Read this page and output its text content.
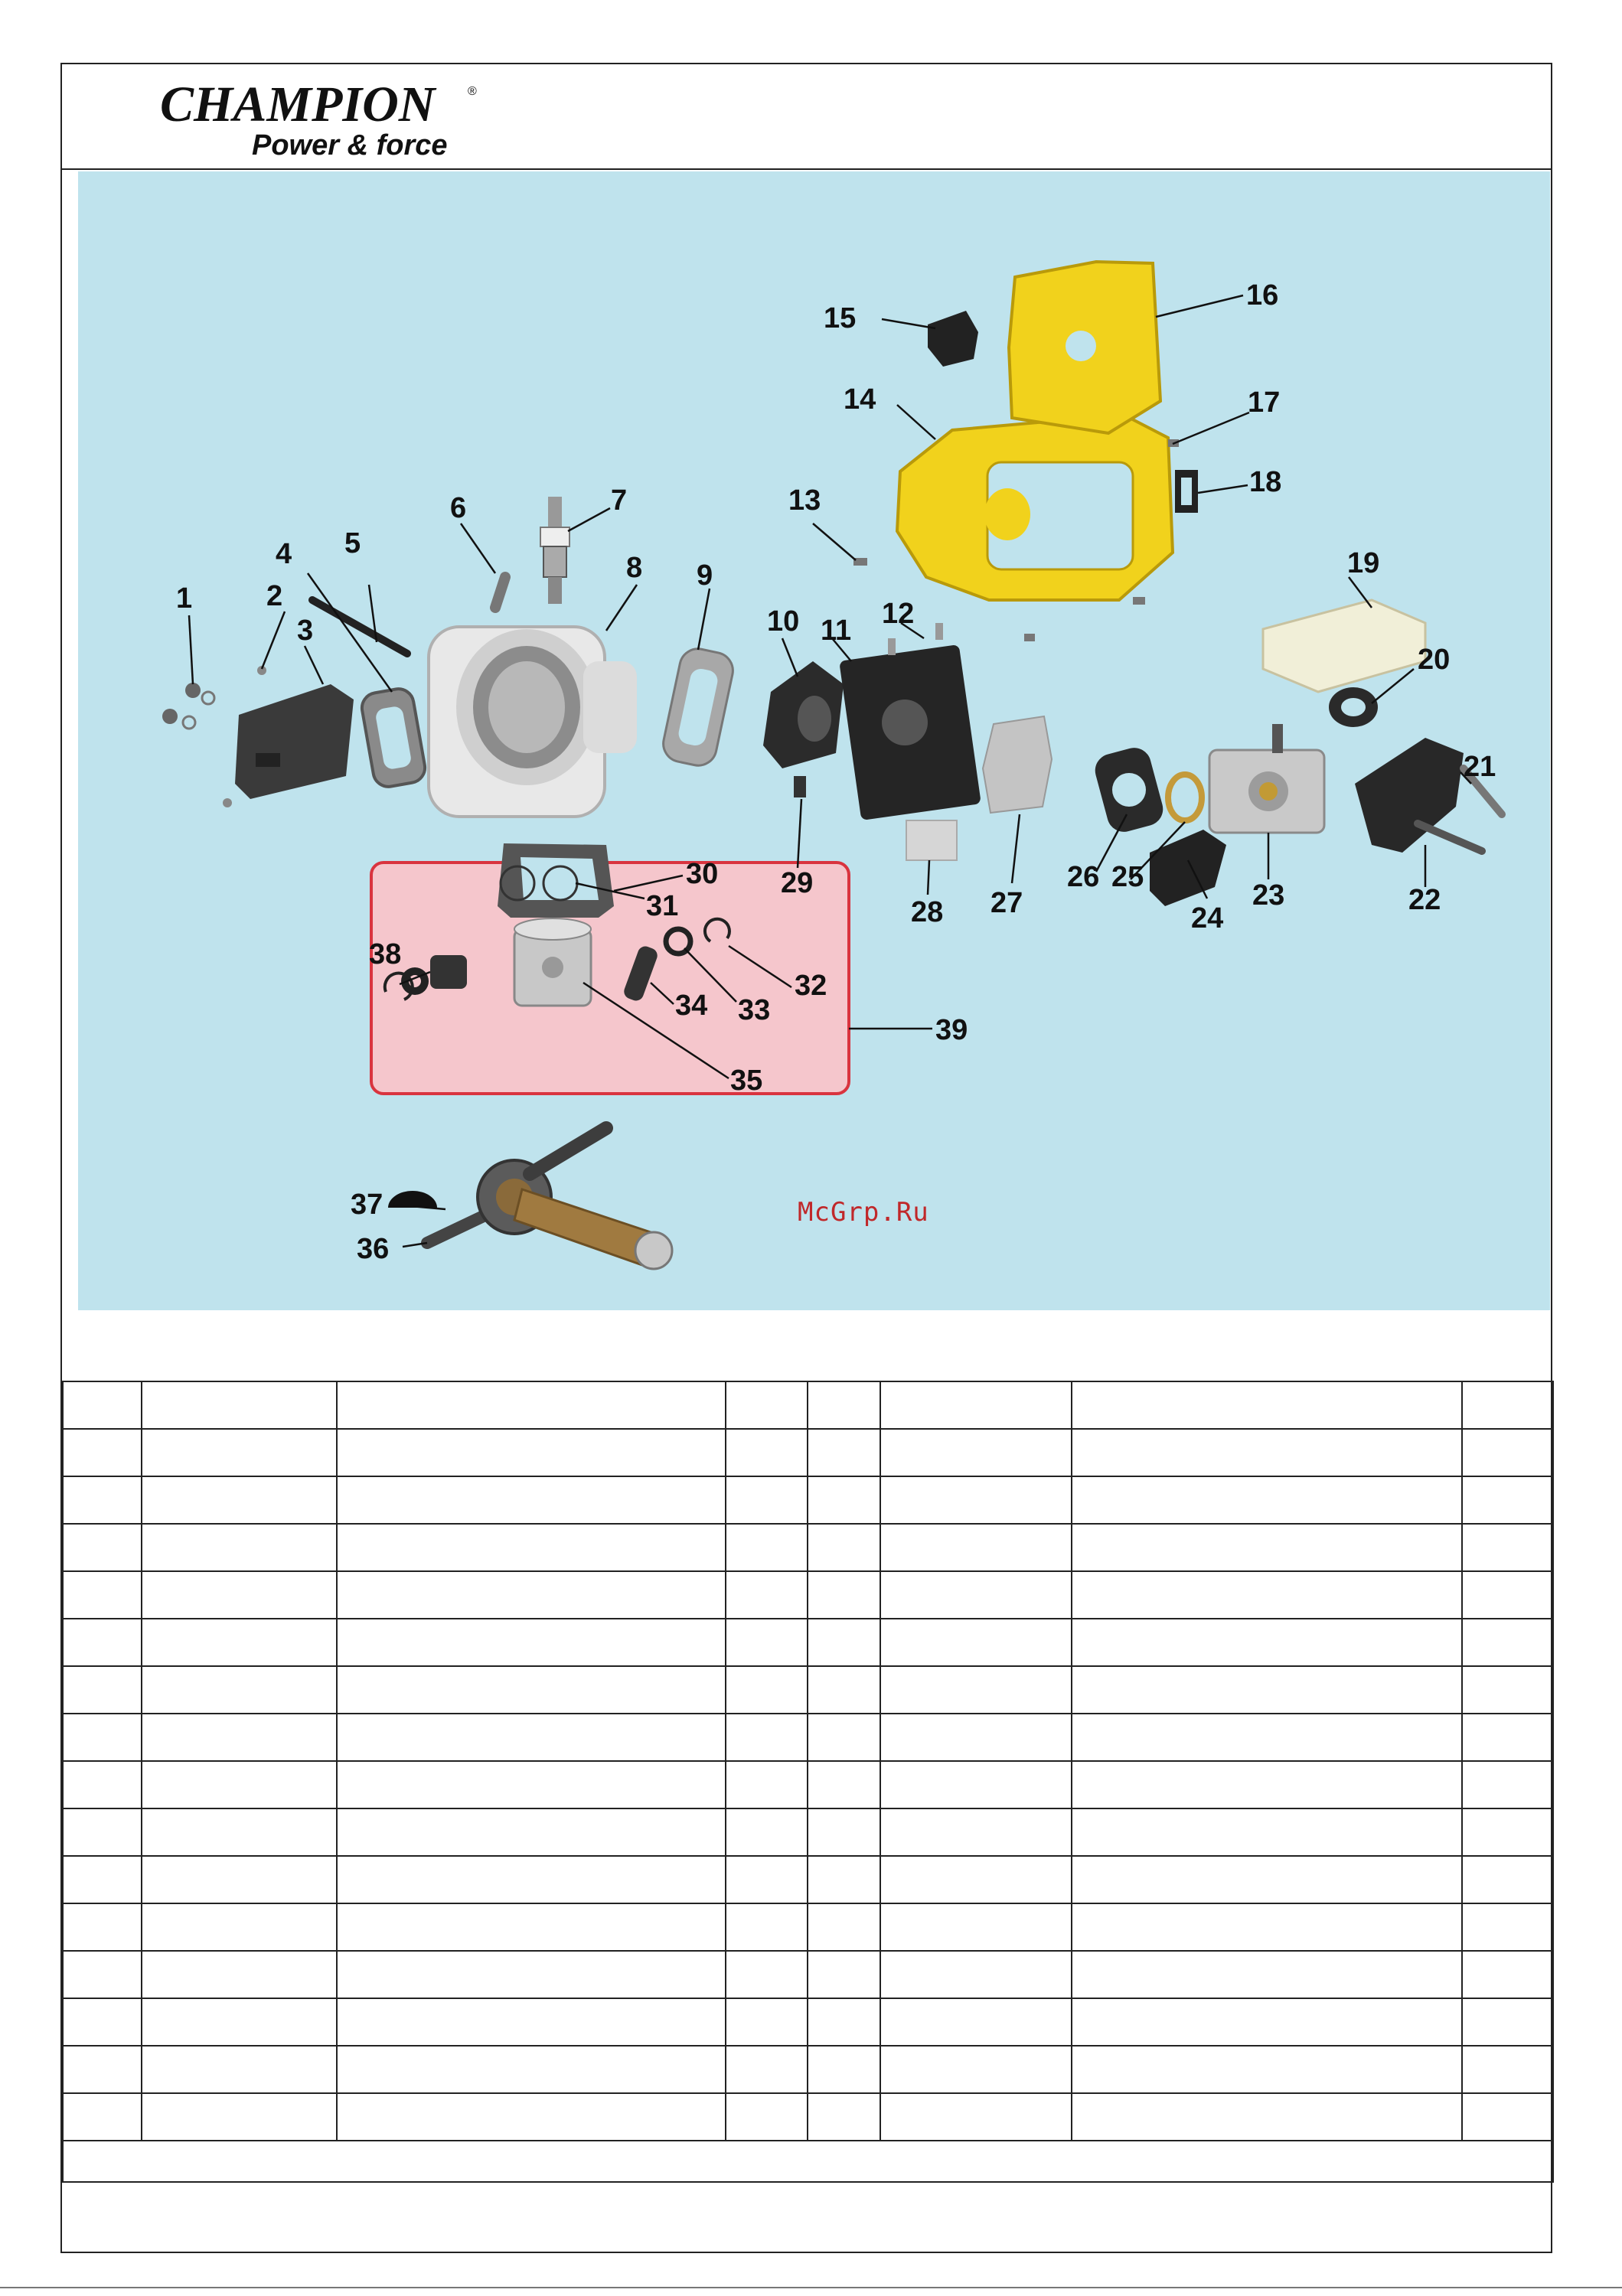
CHAMPION	®
Power & force
1	2
3
4 5
6	7
8 9
10 11
12
13
14
15
16
17
18
19
20
21
22
23
24
25
26
27
28
29
30
31
32
33
34
35
36
37
38
39
McGrp.Ru
